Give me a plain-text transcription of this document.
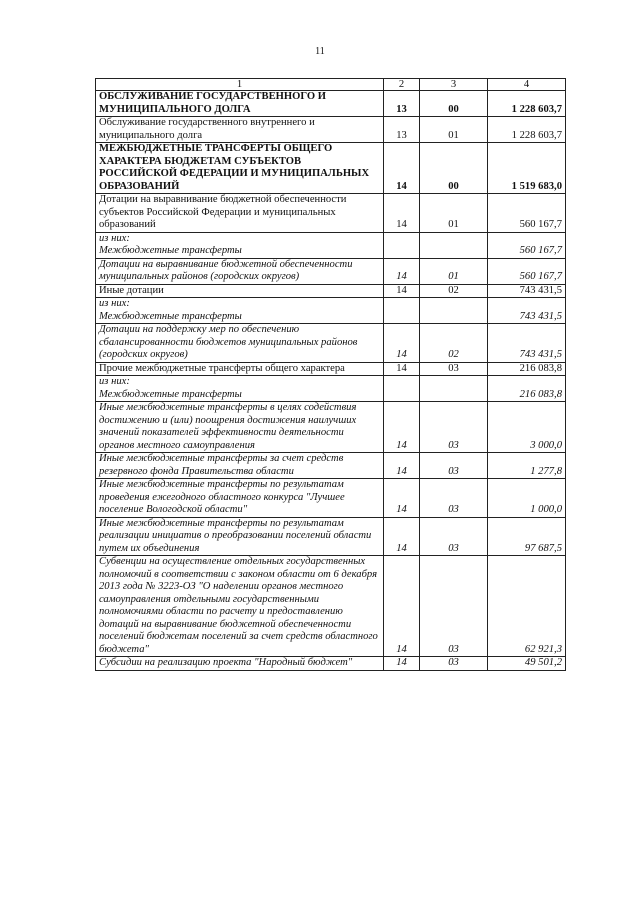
11
1	2	3	4
ОБСЛУЖИВАНИЕ ГОСУДАРСТВЕННОГО И МУНИЦИПАЛЬНОГО ДОЛГА	13	00	1 228 603,7
Обслуживание государственного внутреннего и муниципального долга	13	01	1 228 603,7
МЕЖБЮДЖЕТНЫЕ ТРАНСФЕРТЫ ОБЩЕГО ХАРАКТЕРА БЮДЖЕТАМ СУБЪЕКТОВ РОССИЙСКОЙ ФЕДЕРАЦИИ И МУНИЦИПАЛЬНЫХ ОБРАЗОВАНИЙ	14	00	1 519 683,0
Дотации на выравнивание бюджетной обеспеченности субъектов Российской Федерации и муниципальных образований	14	01	560 167,7
из них:			
Межбюджетные трансферты			560 167,7
Дотации на выравнивание бюджетной обеспеченности муниципальных районов (городских округов)	14	01	560 167,7
Иные дотации	14	02	743 431,5
из них:			
Межбюджетные трансферты			743 431,5
Дотации на поддержку мер по обеспечению сбалансированности бюджетов муниципальных районов (городских округов)	14	02	743 431,5
Прочие межбюджетные трансферты общего характера	14	03	216 083,8
из них:			
Межбюджетные трансферты			216 083,8
Иные межбюджетные трансферты в целях содействия достижению и (или) поощрения достижения наилучших значений показателей эффективности деятельности органов местного самоуправления	14	03	3 000,0
Иные межбюджетные трансферты за счет средств резервного фонда Правительства области	14	03	1 277,8
Иные межбюджетные трансферты по результатам проведения ежегодного областного конкурса "Лучшее поселение Вологодской области"	14	03	1 000,0
Иные межбюджетные трансферты по результатам реализации инициатив о преобразовании поселений области путем их объединения	14	03	97 687,5
Субвенции на осуществление отдельных государственных полномочий в соответствии с законом области от 6 декабря 2013 года № 3223-ОЗ "О наделении органов местного самоуправления отдельными государственными полномочиями области по расчету и предоставлению дотаций на выравнивание бюджетной обеспеченности поселений бюджетам поселений за счет средств областного бюджета"	14	03	62 921,3
Субсидии на реализацию проекта "Народный бюджет"	14	03	49 501,2
